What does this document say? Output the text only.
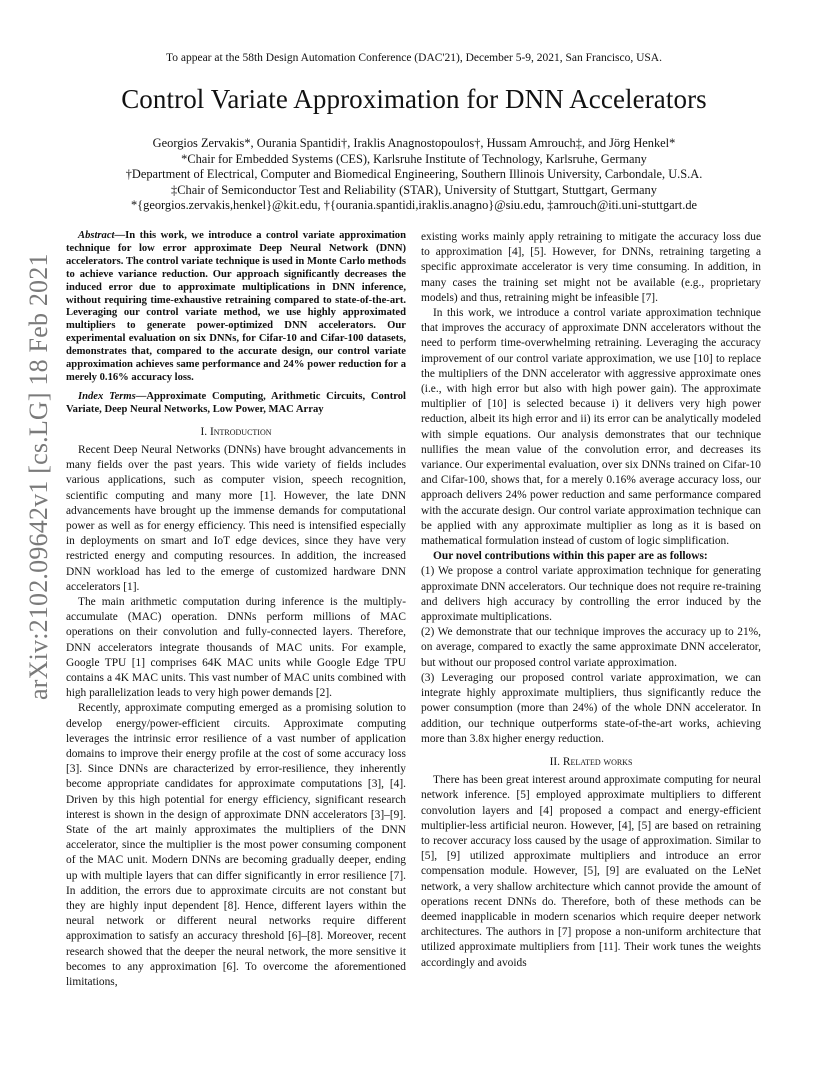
To appear at the 58th Design Automation Conference (DAC'21), December 5-9, 2021, San Francisco, USA.
Control Variate Approximation for DNN Accelerators
Georgios Zervakis*, Ourania Spantidi†, Iraklis Anagnostopoulos†, Hussam Amrouch‡, and Jörg Henkel*
*Chair for Embedded Systems (CES), Karlsruhe Institute of Technology, Karlsruhe, Germany
†Department of Electrical, Computer and Biomedical Engineering, Southern Illinois University, Carbondale, U.S.A.
‡Chair of Semiconductor Test and Reliability (STAR), University of Stuttgart, Stuttgart, Germany
*{georgios.zervakis,henkel}@kit.edu, †{ourania.spantidi,iraklis.anagno}@siu.edu, ‡amrouch@iti.uni-stuttgart.de
arXiv:2102.09642v1 [cs.LG] 18 Feb 2021

Abstract—In this work, we introduce a control variate approximation technique for low error approximate Deep Neural Network (DNN) accelerators. The control variate technique is used in Monte Carlo methods to achieve variance reduction. Our approach significantly decreases the induced error due to approximate multiplications in DNN inference, without requiring time-exhaustive retraining compared to state-of-the-art. Leveraging our control variate method, we use highly approximated multipliers to generate power-optimized DNN accelerators. Our experimental evaluation on six DNNs, for Cifar-10 and Cifar-100 datasets, demonstrates that, compared to the accurate design, our control variate approximation achieves same performance and 24% power reduction for a merely 0.16% accuracy loss.

Index Terms—Approximate Computing, Arithmetic Circuits, Control Variate, Deep Neural Networks, Low Power, MAC Array

I. Introduction

Recent Deep Neural Networks (DNNs) have brought advancements in many fields over the past years. This wide variety of fields includes various applications, such as computer vision, speech recognition, scientific computing and many more [1]. However, the late DNN advancements have brought up the immense demands for computational power as well as for energy efficiency. This need is intensified especially in deployments on smart and IoT edge devices, since they have very restricted energy and computing resources. In addition, the increased DNN workload has led to the emerge of customized hardware DNN accelerators [1].

The main arithmetic computation during inference is the multiply-accumulate (MAC) operation. DNNs perform millions of MAC operations on their convolution and fully-connected layers. Therefore, DNN accelerators integrate thousands of MAC units. For example, Google TPU [1] comprises 64K MAC units while Google Edge TPU contains a 4K MAC units. This vast number of MAC units combined with high parallelization leads to very high power demands [2].

Recently, approximate computing emerged as a promising solution to develop energy/power-efficient circuits. Approximate computing leverages the intrinsic error resilience of a vast number of application domains to improve their energy profile at the cost of some accuracy loss [3]. Since DNNs are characterized by error-resilience, they inherently become appropriate candidates for approximate computations [3], [4]. Driven by this high potential for energy efficiency, significant research interest is shown in the design of approximate DNN accelerators [3]–[9]. State of the art mainly approximates the multipliers of the DNN accelerator, since the multiplier is the most power consuming component of the MAC unit. Modern DNNs are becoming gradually deeper, ending up with multiple layers that can differ significantly in error resilience [7]. In addition, the errors due to approximate circuits are not constant but they are highly input dependent [8]. Hence, different layers within the neural network or different neural networks require different approximation to satisfy an accuracy threshold [6]–[8]. Moreover, recent research showed that the deeper the neural network, the more sensitive it becomes to any approximation [6]. To overcome the aforementioned limitations,

existing works mainly apply retraining to mitigate the accuracy loss due to approximation [4], [5]. However, for DNNs, retraining targeting a specific approximate accelerator is very time consuming. In addition, in many cases the training set might not be available (e.g., proprietary models) and thus, retraining might be infeasible [7].

In this work, we introduce a control variate approximation technique that improves the accuracy of approximate DNN accelerators without the need to perform time-overwhelming retraining. Leveraging the accuracy improvement of our control variate approximation, we use [10] to replace the multipliers of the DNN accelerator with aggressive approximate ones (i.e., with high error but also with high power gain). The approximate multiplier of [10] is selected because i) it delivers very high power reduction, albeit its high error and ii) its error can be analytically modeled with simple equations. Our analysis demonstrates that our technique nullifies the mean value of the convolution error, and decreases its variance. Our experimental evaluation, over six DNNs trained on Cifar-10 and Cifar-100, shows that, for a merely 0.16% average accuracy loss, our approach delivers 24% power reduction and same performance compared with the accurate design. Our control variate approximation technique can be applied with any approximate multiplier as long as it is based on mathematical formulation instead of custom of logic simplification.

Our novel contributions within this paper are as follows:

(1) We propose a control variate approximation technique for generating approximate DNN accelerators. Our technique does not require re-training and delivers high accuracy by controlling the error induced by the approximate multiplications.

(2) We demonstrate that our technique improves the accuracy up to 21%, on average, compared to exactly the same approximate DNN accelerator, but without our proposed control variate approximation.

(3) Leveraging our proposed control variate approximation, we can integrate highly approximate multipliers, thus significantly reduce the power consumption (more than 24%) of the whole DNN accelerator. In addition, our technique outperforms state-of-the-art works, achieving more than 3.8x higher energy reduction.

II. Related works

There has been great interest around approximate computing for neural network inference. [5] employed approximate multipliers to different convolution layers and [4] proposed a compact and energy-efficient multiplier-less artificial neuron. However, [4], [5] are based on retraining to recover accuracy loss caused by the usage of approximation. Similar to [5], [9] utilized approximate multipliers and introduce an error compensation module. However, [5], [9] are evaluated on the LeNet network, a very shallow architecture which cannot provide the amount of operations recent DNNs do. Therefore, both of these methods can be deemed inapplicable in modern scenarios which require deeper network architectures. The authors in [7] propose a non-uniform architecture that utilized approximate multipliers from [11]. Their work tunes the weights accordingly and avoids
